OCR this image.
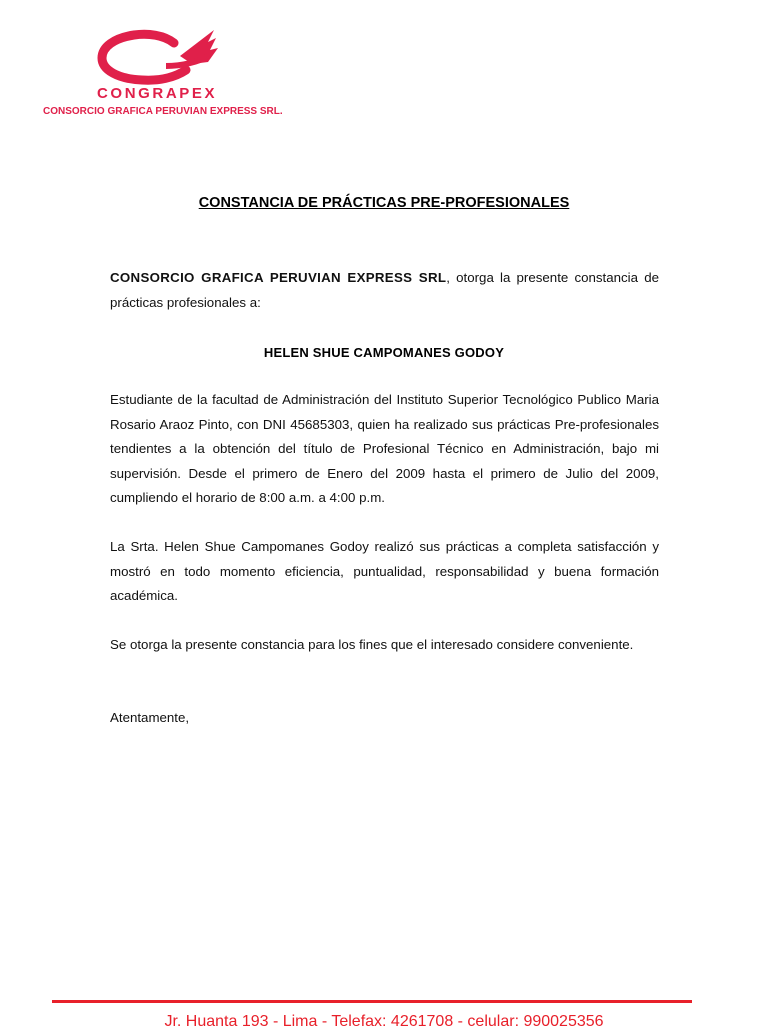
CONGRAPEX
CONSORCIO GRAFICA PERUVIAN EXPRESS SRL.
CONSTANCIA DE PRÁCTICAS PRE-PROFESIONALES

CONSORCIO GRAFICA PERUVIAN EXPRESS SRL, otorga la presente constancia de prácticas profesionales a:

HELEN SHUE CAMPOMANES GODOY

Estudiante de la facultad de Administración del Instituto Superior Tecnológico Publico Maria Rosario Araoz Pinto, con DNI 45685303, quien ha realizado sus prácticas Pre-profesionales tendientes a la obtención del título de Profesional Técnico en Administración, bajo mi supervisión. Desde el primero de Enero del 2009 hasta el primero de Julio del 2009, cumpliendo el horario de 8:00 a.m. a 4:00 p.m.

La Srta. Helen Shue Campomanes Godoy realizó sus prácticas a completa satisfacción y mostró en todo momento eficiencia, puntualidad, responsabilidad y buena formación académica.

Se otorga la presente constancia para los fines que el interesado considere conveniente.

Atentamente,

Jr. Huanta 193 - Lima - Telefax: 4261708 - celular: 990025356
